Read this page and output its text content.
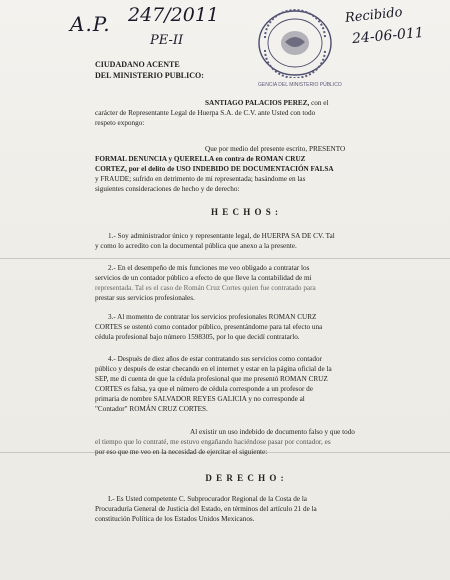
A.P. 247/2011
PE-II
GENCIA DEL MINISTERIO PÚBLICO
Recibido
24-06-011
CIUDADANO ACENTE
DEL MINISTERIO PUBLICO:
SANTIAGO PALACIOS PEREZ, con el
carácter de Representante Legal de Huerpa S.A. de C.V. ante Usted con todo
respeto expongo:
Que por medio del presente escrito, PRESENTO
FORMAL DENUNCIA y QUERELLA en contra de ROMAN CRUZ
CORTEZ, por el delito de USO INDEBIDO DE DOCUMENTACIÓN FALSA
y FRAUDE; sufrido en detrimento de mi representada; basándome en las
siguientes consideraciones de hecho y de derecho:
H E C H O S :
1.- Soy administrador único y representante legal, de HUERPA SA DE CV. Tal
y como lo acredito con la documental pública que anexo a la presente.
2.- En el desempeño de mis funciones me veo obligado a contratar los
servicios de un contador público a efecto de que lleve la contabilidad de mi
representada. Tal es el caso de Román Cruz Cortes quien fue contratado para
prestar sus servicios profesionales.
3.- Al momento de contratar los servicios profesionales ROMAN CURZ
CORTES se ostentó como contador público, presentándome para tal efecto una
cédula profesional bajo número 1598305, por lo que decidí contratarlo.
4.- Después de diez años de estar contratando sus servicios como contador
público y después de estar checando en el internet y estar en la página oficial de la
SEP, me di cuenta de que la cédula profesional que me presentó ROMAN CRUZ
CORTES es falsa, ya que el número de cédula corresponde a un profesor de
primaria de nombre SALVADOR REYES GALICIA y no corresponde al
"Contador" ROMÁN CRUZ CORTES.
Al existir un uso indebido de documento falso y que todo
el tiempo que lo contraté, me estuvo engañando haciéndose pasar por contador, es
por eso que me veo en la necesidad de ejercitar el siguiente:
D E R E C H O :
I.- Es Usted competente C. Subprocurador Regional de la Costa de la
Procuraduría General de Justicia del Estado, en términos del artículo 21 de la
constitución Política de los Estados Unidos Mexicanos.
